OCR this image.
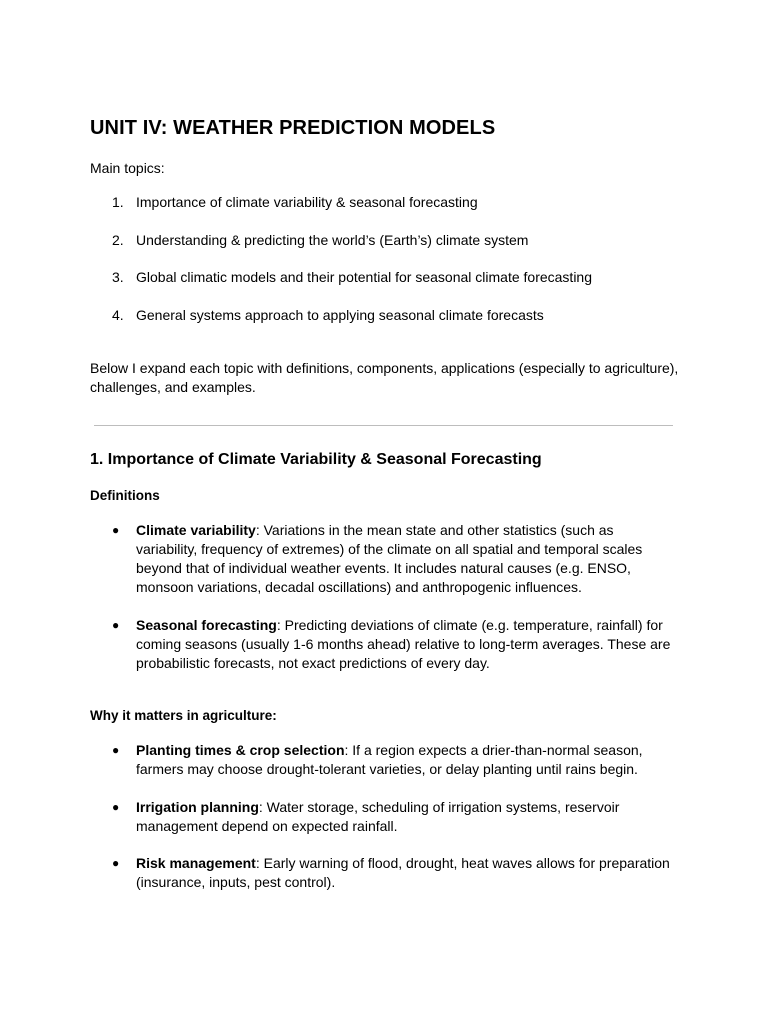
UNIT IV: WEATHER PREDICTION MODELS
Main topics:
1. Importance of climate variability & seasonal forecasting
2. Understanding & predicting the world’s (Earth’s) climate system
3. Global climatic models and their potential for seasonal climate forecasting
4. General systems approach to applying seasonal climate forecasts
Below I expand each topic with definitions, components, applications (especially to agriculture), challenges, and examples.
1. Importance of Climate Variability & Seasonal Forecasting
Definitions
● Climate variability: Variations in the mean state and other statistics (such as variability, frequency of extremes) of the climate on all spatial and temporal scales beyond that of individual weather events. It includes natural causes (e.g. ENSO, monsoon variations, decadal oscillations) and anthropogenic influences.
● Seasonal forecasting: Predicting deviations of climate (e.g. temperature, rainfall) for coming seasons (usually 1-6 months ahead) relative to long-term averages. These are probabilistic forecasts, not exact predictions of every day.
Why it matters in agriculture:
● Planting times & crop selection: If a region expects a drier-than-normal season, farmers may choose drought-tolerant varieties, or delay planting until rains begin.
● Irrigation planning: Water storage, scheduling of irrigation systems, reservoir management depend on expected rainfall.
● Risk management: Early warning of flood, drought, heat waves allows for preparation (insurance, inputs, pest control).
